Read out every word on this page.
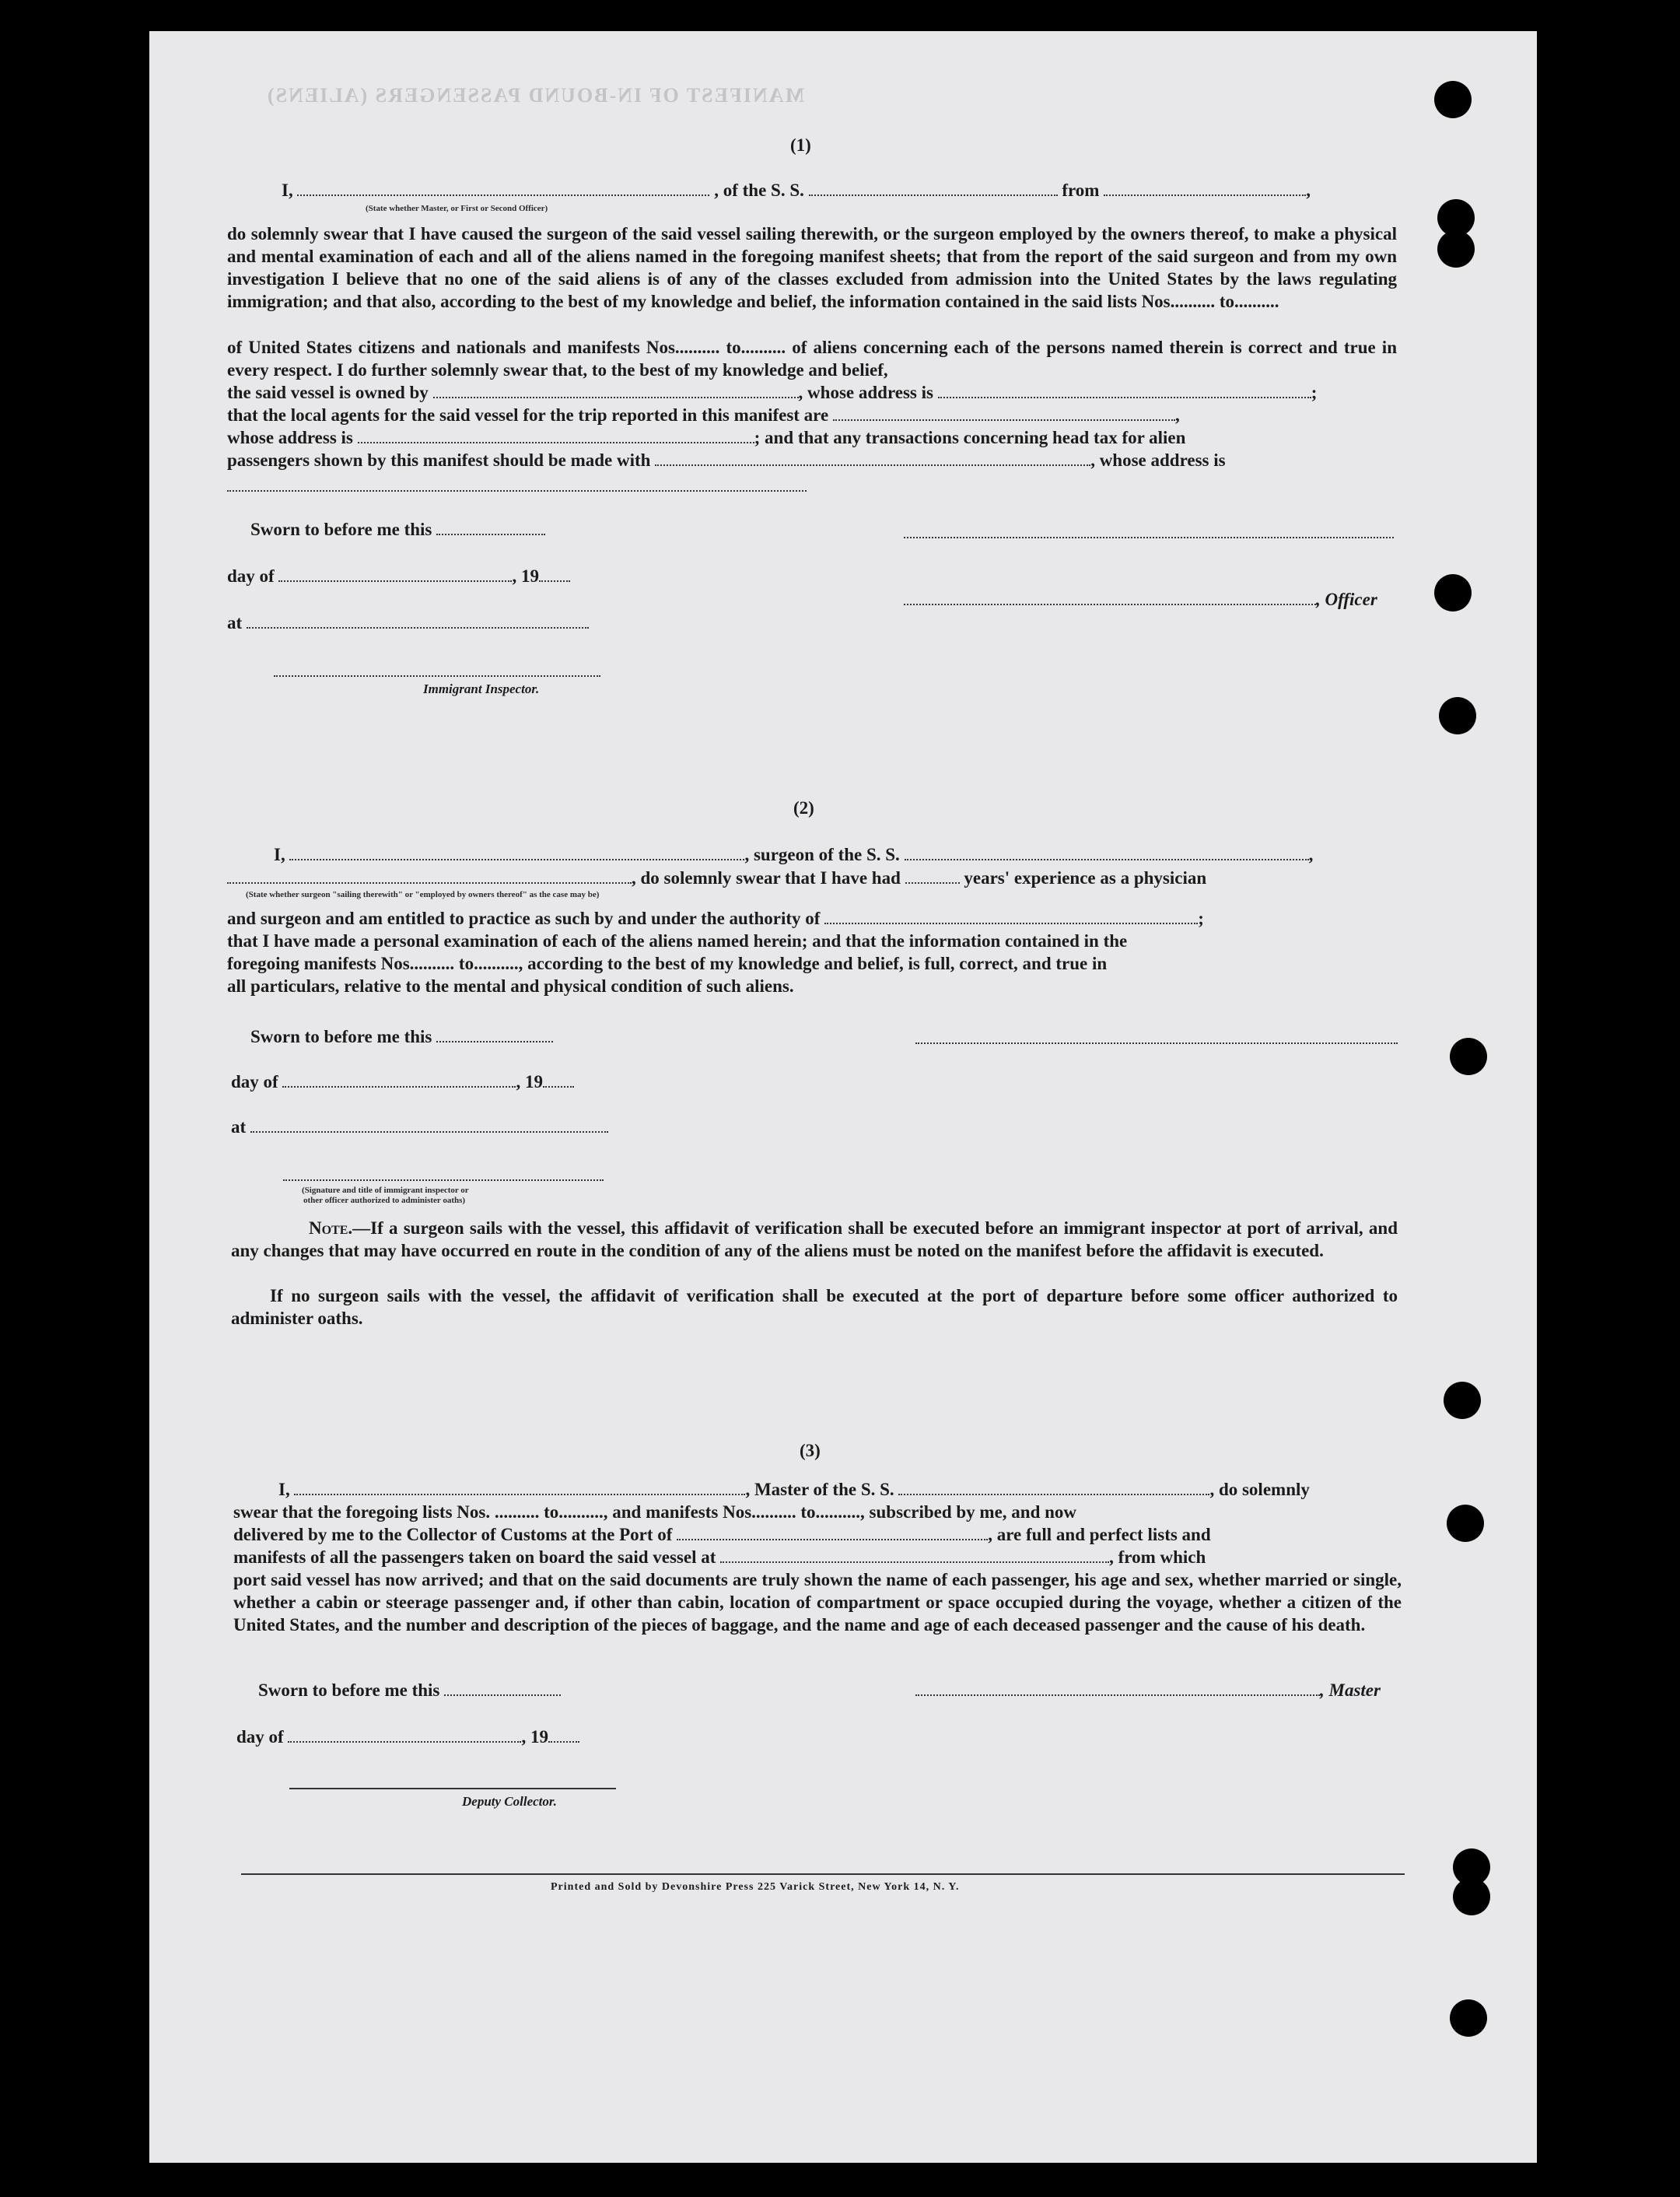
MANIFEST OF IN-BOUND PASSENGERS (ALIENS)
(1)
I,	, of the S. S.	from	,
(State whether Master, or First or Second Officer)
do solemnly swear that I have caused the surgeon of the said vessel sailing therewith, or the surgeon employed by the owners thereof, to make a physical and mental examination of each and all of the aliens named in the foregoing manifest sheets; that from the report of the said surgeon and from my own investigation I believe that no one of the said aliens is of any of the classes excluded from admission into the United States by the laws regulating immigration; and that also, according to the best of my knowledge and belief, the information contained in the said lists Nos.......... to..........
of United States citizens and nationals and manifests Nos.......... to.......... of aliens concerning each of the persons named therein is correct and true in every respect. I do further solemnly swear that, to the best of my knowledge and belief,
the said vessel is owned by	, whose address is	;
that the local agents for the said vessel for the trip reported in this manifest are	,
whose address is	; and that any transactions concerning head tax for alien
passengers shown by this manifest should be made with	, whose address is
Sworn to before me this
day of	, 19
, Officer
at
Immigrant Inspector.
(2)
I,	, surgeon of the S. S.	,
, do solemnly swear that I have had	years' experience as a physician
(State whether surgeon "sailing therewith" or "employed by owners thereof" as the case may be)
and surgeon and am entitled to practice as such by and under the authority of	;
that I have made a personal examination of each of the aliens named herein; and that the information contained in the
foregoing manifests Nos.......... to.........., according to the best of my knowledge and belief, is full, correct, and true in
all particulars, relative to the mental and physical condition of such aliens.
Sworn to before me this
day of	, 19
at
(Signature and title of immigrant inspector or
other officer authorized to administer oaths)
Note.—If a surgeon sails with the vessel, this affidavit of verification shall be executed before an immigrant inspector at port of arrival, and any changes that may have occurred en route in the condition of any of the aliens must be noted on the manifest before the affidavit is executed.
If no surgeon sails with the vessel, the affidavit of verification shall be executed at the port of departure before some officer authorized to administer oaths.
(3)
I,	, Master of the S. S.	, do solemnly
swear that the foregoing lists Nos. .......... to.........., and manifests Nos.......... to.........., subscribed by me, and now
delivered by me to the Collector of Customs at the Port of	, are full and perfect lists and
manifests of all the passengers taken on board the said vessel at	, from which
port said vessel has now arrived; and that on the said documents are truly shown the name of each passenger, his age and sex, whether married or single, whether a cabin or steerage passenger and, if other than cabin, location of compartment or space occupied during the voyage, whether a citizen of the United States, and the number and description of the pieces of baggage, and the name and age of each deceased passenger and the cause of his death.
Sworn to before me this	, Master
day of	, 19
Deputy Collector.
Printed and Sold by Devonshire Press 225 Varick Street, New York 14, N. Y.
